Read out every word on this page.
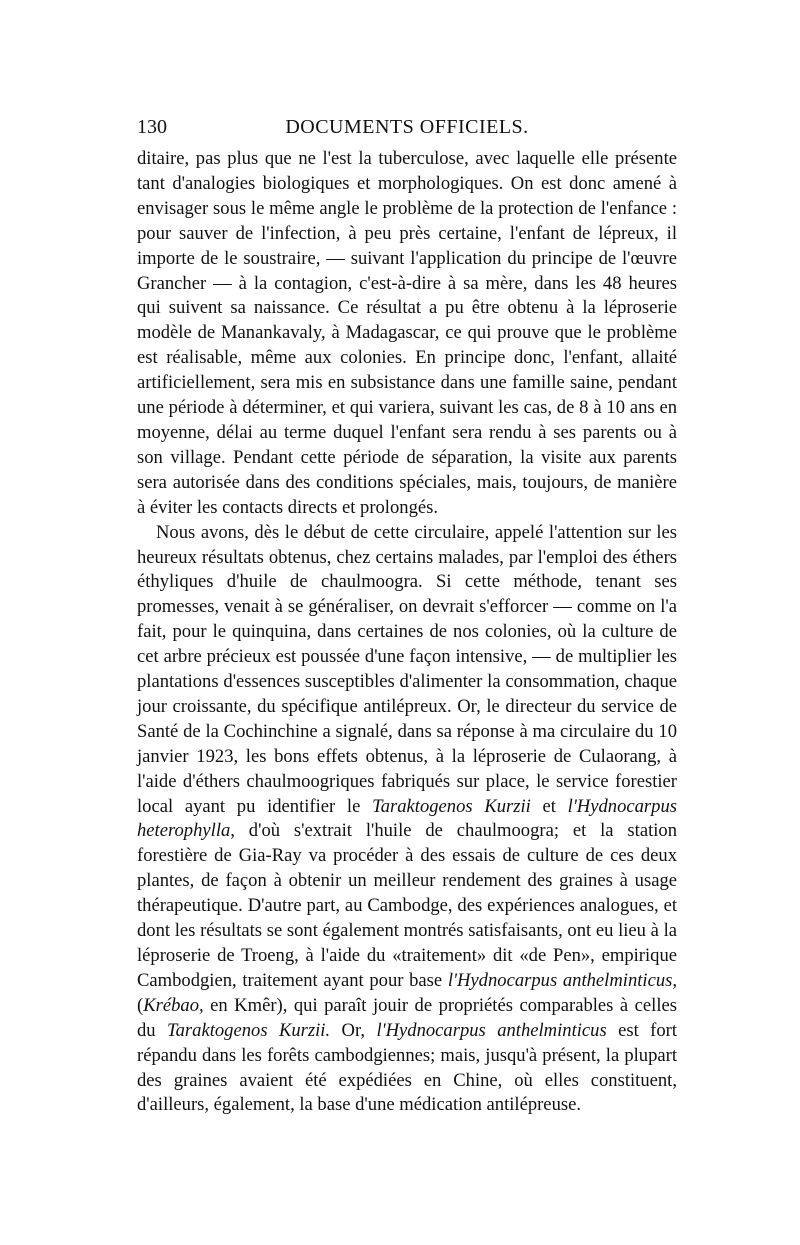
130	DOCUMENTS OFFICIELS.

ditaire, pas plus que ne l'est la tuberculose, avec laquelle elle présente tant d'analogies biologiques et morphologiques. On est donc amené à envisager sous le même angle le problème de la protection de l'enfance : pour sauver de l'infection, à peu près certaine, l'enfant de lépreux, il importe de le soustraire, — suivant l'application du principe de l'œuvre Grancher — à la contagion, c'est-à-dire à sa mère, dans les 48 heures qui suivent sa naissance. Ce résultat a pu être obtenu à la léproserie modèle de Manankavaly, à Madagascar, ce qui prouve que le problème est réalisable, même aux colonies. En principe donc, l'enfant, allaité artificiellement, sera mis en subsistance dans une famille saine, pendant une période à déterminer, et qui variera, suivant les cas, de 8 à 10 ans en moyenne, délai au terme duquel l'enfant sera rendu à ses parents ou à son village. Pendant cette période de séparation, la visite aux parents sera autorisée dans des conditions spéciales, mais, toujours, de manière à éviter les contacts directs et prolongés.

Nous avons, dès le début de cette circulaire, appelé l'attention sur les heureux résultats obtenus, chez certains malades, par l'emploi des éthers éthyliques d'huile de chaulmoogra. Si cette méthode, tenant ses promesses, venait à se généraliser, on devrait s'efforcer — comme on l'a fait, pour le quinquina, dans certaines de nos colonies, où la culture de cet arbre précieux est poussée d'une façon intensive, — de multiplier les plantations d'essences susceptibles d'alimenter la consommation, chaque jour croissante, du spécifique antilépreux. Or, le directeur du service de Santé de la Cochinchine a signalé, dans sa réponse à ma circulaire du 10 janvier 1923, les bons effets obtenus, à la léproserie de Culaorang, à l'aide d'éthers chaulmoogriques fabriqués sur place, le service forestier local ayant pu identifier le Taraktogenos Kurzii et l'Hydnocarpus heterophylla, d'où s'extrait l'huile de chaulmoogra; et la station forestière de Gia-Ray va procéder à des essais de culture de ces deux plantes, de façon à obtenir un meilleur rendement des graines à usage thérapeutique. D'autre part, au Cambodge, des expériences analogues, et dont les résultats se sont également montrés satisfaisants, ont eu lieu à la léproserie de Troeng, à l'aide du «traitement» dit «de Pen», empirique Cambodgien, traitement ayant pour base l'Hydnocarpus anthelminticus, (Krébao, en Kmêr), qui paraît jouir de propriétés comparables à celles du Taraktogenos Kurzii. Or, l'Hydnocarpus anthelminticus est fort répandu dans les forêts cambodgiennes; mais, jusqu'à présent, la plupart des graines avaient été expédiées en Chine, où elles constituent, d'ailleurs, également, la base d'une médication antilépreuse.
